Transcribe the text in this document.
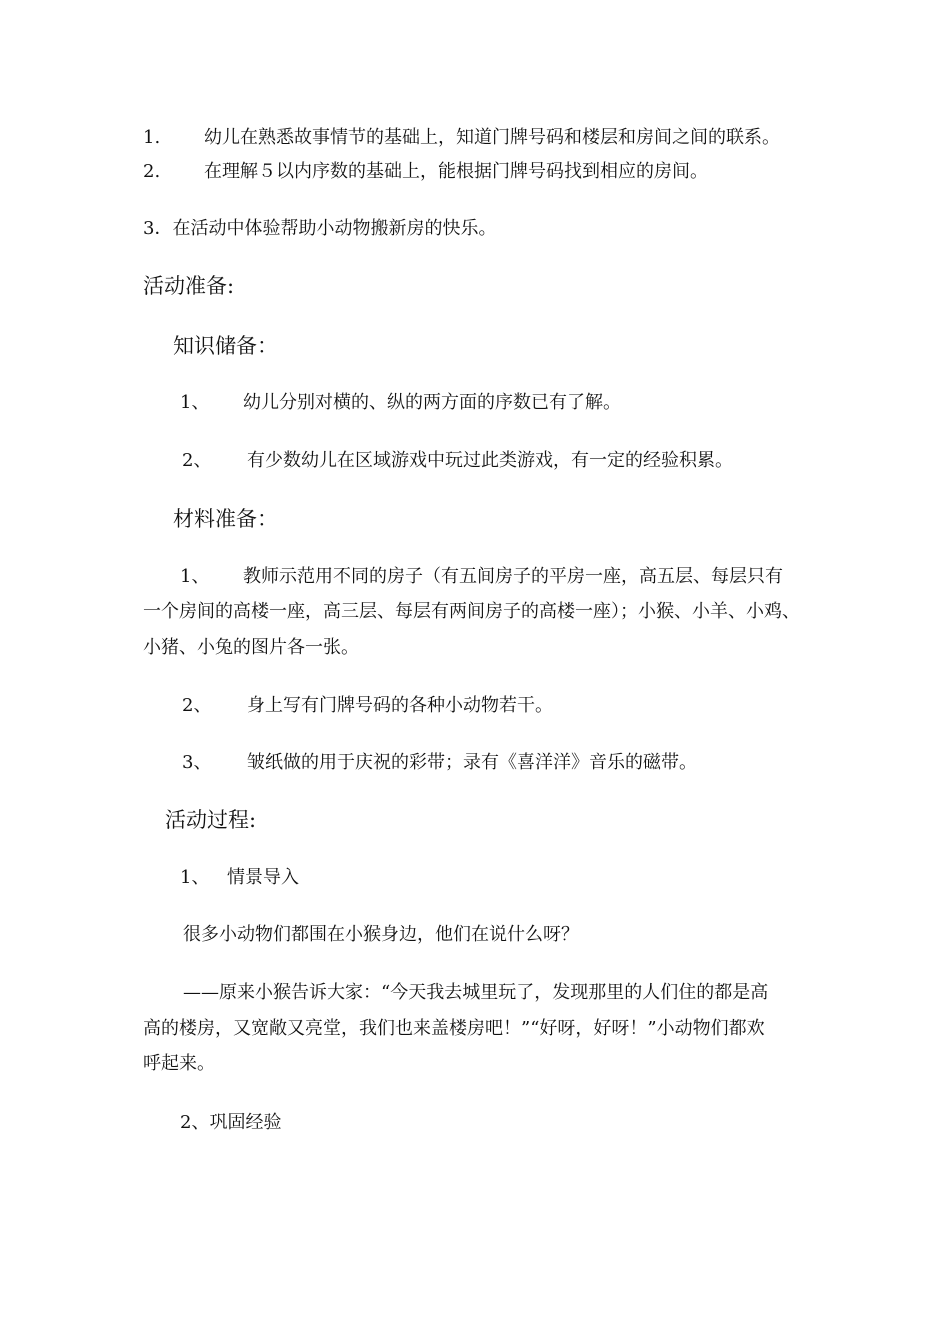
1. 幼儿在熟悉故事情节的基础上，知道门牌号码和楼层和房间之间的联系。
2. 在理解５以内序数的基础上，能根据门牌号码找到相应的房间。
3．在活动中体验帮助小动物搬新房的快乐。
活动准备:
知识储备：
1、 幼儿分别对横的、纵的两方面的序数已有了解。
2、 有少数幼儿在区域游戏中玩过此类游戏，有一定的经验积累。
材料准备：
1、 教师示范用不同的房子（有五间房子的平房一座，高五层、每层只有
一个房间的高楼一座，高三层、每层有两间房子的高楼一座）；小猴、小羊、小鸡、
小猪、小兔的图片各一张。
2、 身上写有门牌号码的各种小动物若干。
3、 皱纸做的用于庆祝的彩带；录有《喜洋洋》音乐的磁带。
活动过程:
1、 情景导入
很多小动物们都围在小猴身边，他们在说什么呀？
——原来小猴告诉大家：“今天我去城里玩了，发现那里的人们住的都是高
高的楼房，又宽敞又亮堂，我们也来盖楼房吧！”“好呀，好呀！”小动物们都欢
呼起来。
2、巩固经验
